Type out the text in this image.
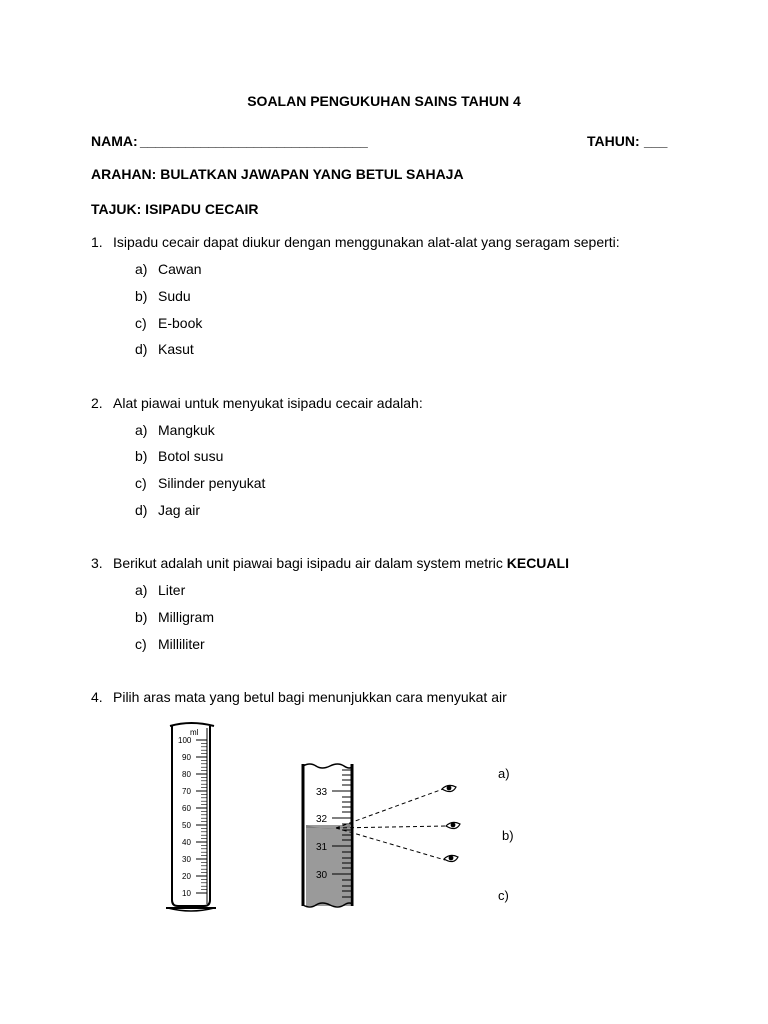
SOALAN PENGUKUHAN SAINS TAHUN 4
NAMA: ______________________________	TAHUN: ___
ARAHAN: BULATKAN JAWAPAN YANG BETUL SAHAJA
TAJUK: ISIPADU CECAIR
1. Isipadu cecair dapat diukur dengan menggunakan alat-alat yang seragam seperti:
a) Cawan
b) Sudu
c) E-book
d) Kasut
2. Alat piawai untuk menyukat isipadu cecair adalah:
a) Mangkuk
b) Botol susu
c) Silinder penyukat
d) Jag air
3. Berikut adalah unit piawai bagi isipadu air dalam system metric KECUALI
a) Liter
b) Milligram
c) Milliliter
4. Pilih aras mata yang betul bagi menunjukkan cara menyukat air
ml
100
90
80
70
60
50
40
30
20
10
33
32
31
30
a)
b)
c)
